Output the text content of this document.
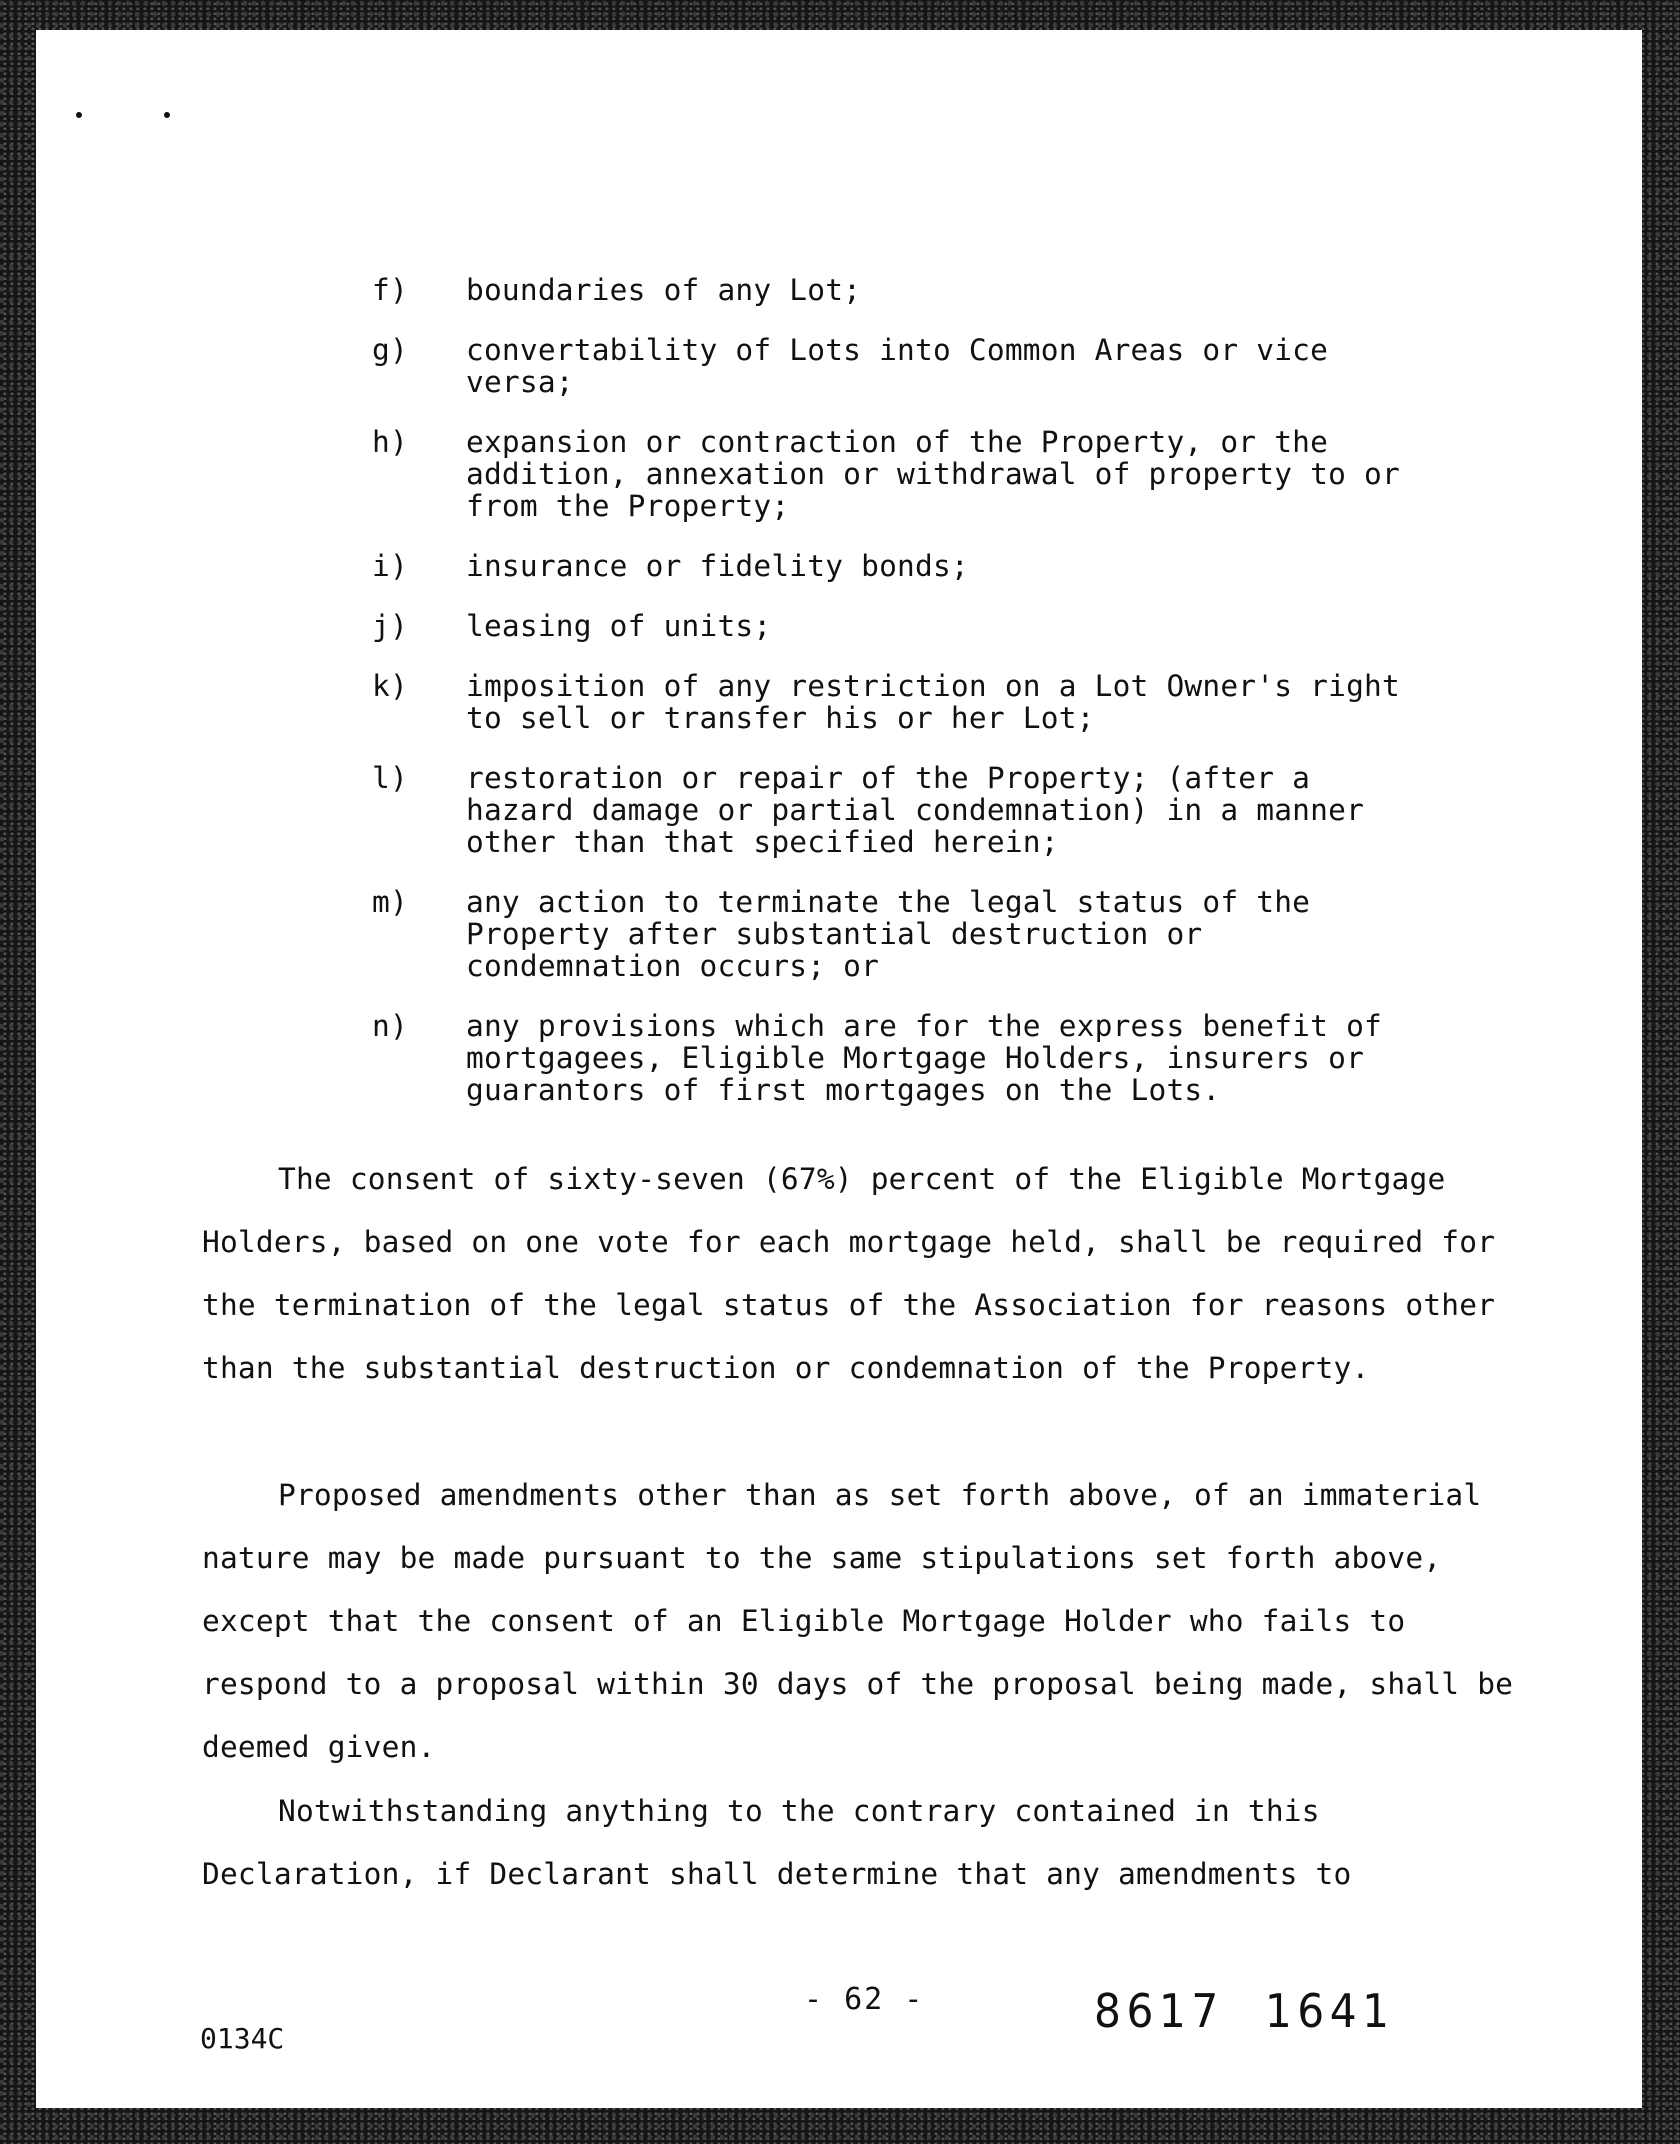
f)	boundaries of any Lot;
g)	convertability of Lots into Common Areas or vice
versa;
h)	expansion or contraction of the Property, or the
addition, annexation or withdrawal of property to or
from the Property;
i)	insurance or fidelity bonds;
j)	leasing of units;
k)	imposition of any restriction on a Lot Owner's right
to sell or transfer his or her Lot;
l)	restoration or repair of the Property; (after a
hazard damage or partial condemnation) in a manner
other than that specified herein;
m)	any action to terminate the legal status of the
Property after substantial destruction or
condemnation occurs; or
n)	any provisions which are for the express benefit of
mortgagees, Eligible Mortgage Holders, insurers or
guarantors of first mortgages on the Lots.
The consent of sixty-seven (67%) percent of the Eligible Mortgage Holders, based on one vote for each mortgage held, shall be required for the termination of the legal status of the Association for reasons other than the substantial destruction or condemnation of the Property.
Proposed amendments other than as set forth above, of an immaterial nature may be made pursuant to the same stipulations set forth above, except that the consent of an Eligible Mortgage Holder who fails to respond to a proposal within 30 days of the proposal being made, shall be deemed given.
Notwithstanding anything to the contrary contained in this Declaration, if Declarant shall determine that any amendments to
0134C
- 62 -	8617 1641
